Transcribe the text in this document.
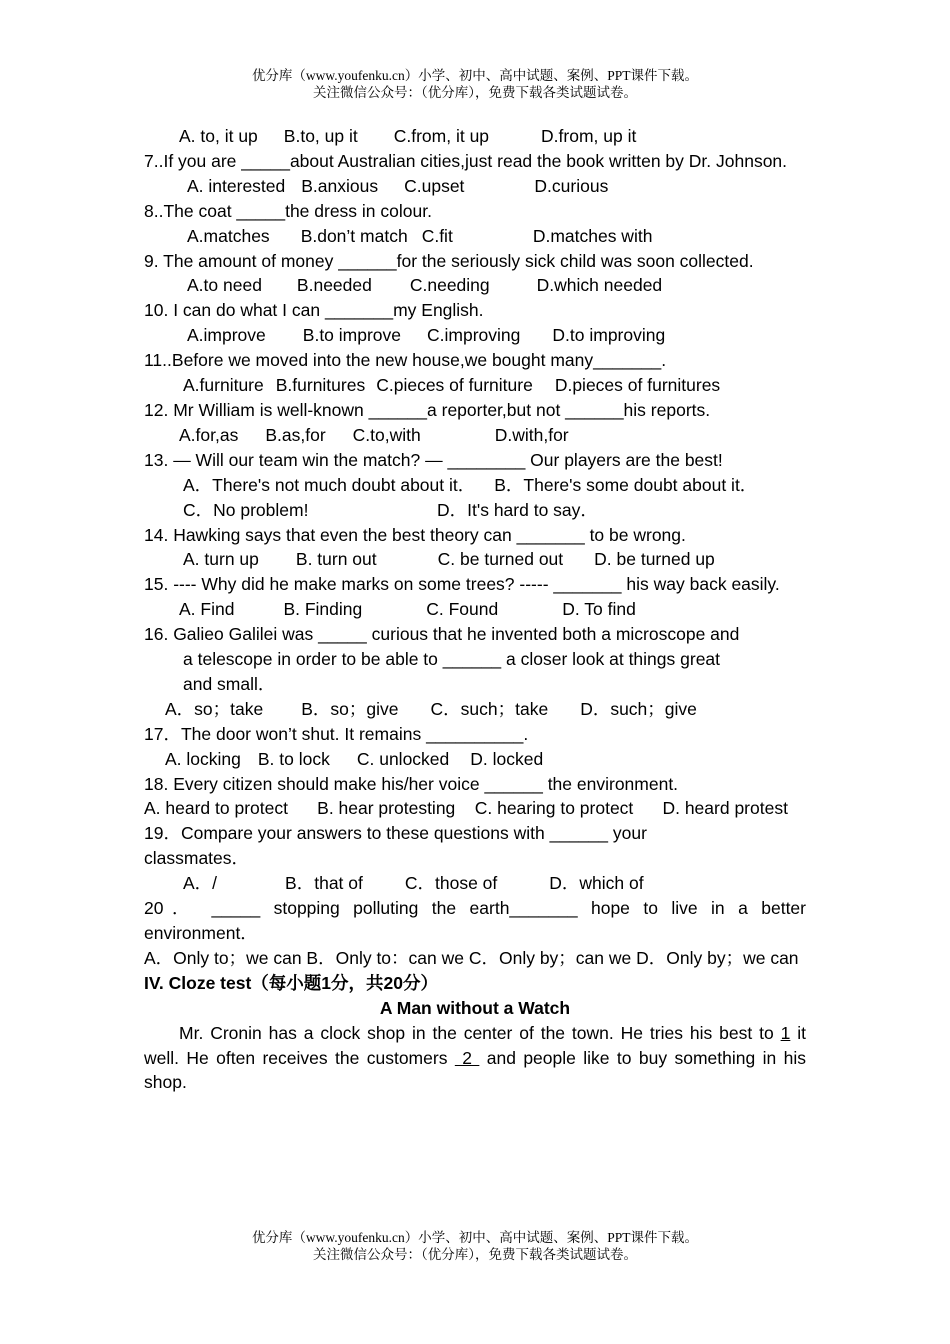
优分库（www.youfenku.cn）小学、初中、高中试题、案例、PPT课件下载。
关注微信公众号：（优分库），免费下载各类试题试卷。

A. to, it up B.to, up it C.from, it up	D.from, up it

7..If you are _____about Australian cities,just read the book written by Dr. Johnson.

A. interested B.anxious C.upset	D.curious

8..The coat _____the dress in colour.

A.matches B.don’t match C.fit	D.matches with

9. The amount of money ______for the seriously sick child was soon collected.

A.to need B.needed C.needing	D.which needed

10. I can do what I can _______my English.

A.improve B.to improve C.improving D.to improving

11..Before we moved into the new house,we bought many_______.

A.furniture B.furnitures C.pieces of furniture D.pieces of furnitures

12. Mr William is well-known ______a reporter,but not ______his reports.

A.for,as B.as,for C.to,with	D.with,for

13. — Will our team win the match? — ________ Our players are the best!

A．There's not much doubt about it． B．There's some doubt about it．

C．No problem!	D．It's hard to say．

14. Hawking says that even the best theory can _______ to be wrong.

A. turn up B. turn out	C. be turned out D. be turned up

15. ---- Why did he make marks on some trees? ----- _______ his way back easily.

A. Find	B. Finding	C. Found	D. To find

16. Galieo Galilei was _____ curious that he invented both a microscope and

a telescope in order to be able to ______ a closer look at things great

and small．

A．so；take B．so；give C．such；take D．such；give

17．The door won’t shut. It remains __________.

A. locking B. to lock C. unlocked D. locked

18. Every citizen should make his/her voice ______ the environment.

A. heard to protect      B. hear protesting    C. hearing to protect      D. heard protest

19．Compare your answers to these questions with ______ your

classmates．

A．/	B．that of C．those of	D．which of

20． _____ stopping polluting the earth_______ hope to live in a better environment．

A．Only to；we can B．Only to：can we C．Only by；can we D．Only by；we can

IV. Cloze test（每小题1分，共20分）

A Man without a Watch

Mr. Cronin has a clock shop in the center of the town. He tries his best to 1 it well. He often receives the customers  2  and people like to buy something in his shop.

优分库（www.youfenku.cn）小学、初中、高中试题、案例、PPT课件下载。
关注微信公众号：（优分库），免费下载各类试题试卷。
